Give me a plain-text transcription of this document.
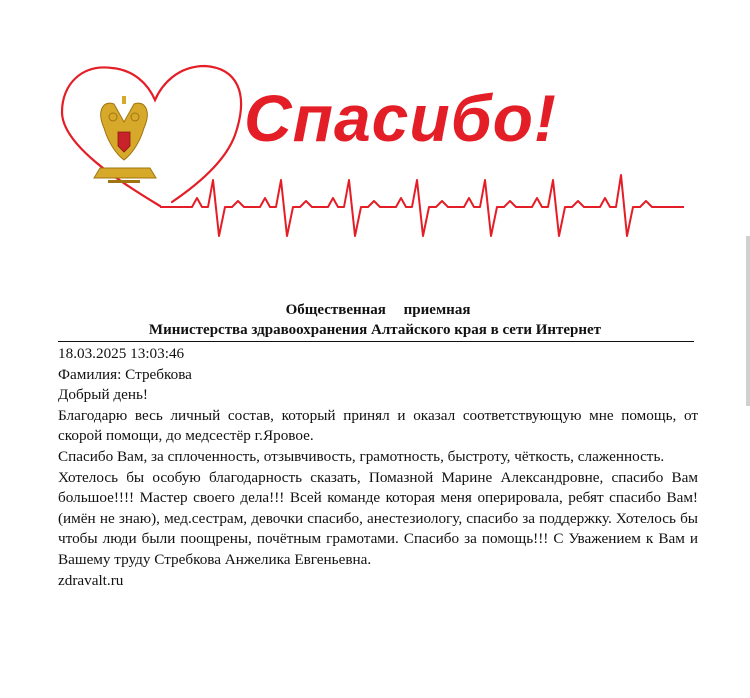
Спасибо!
Общественная приемная
Министерства здравоохранения Алтайского края в сети Интернет

18.03.2025 13:03:46

Фамилия: Стребкова

Добрый день!

Благодарю весь личный состав, который принял и оказал соответствующую мне помощь, от скорой помощи, до медсестёр г.Яровое.

Спасибо Вам, за сплоченность, отзывчивость, грамотность, быстроту, чёткость, слаженность.

Хотелось бы особую благодарность сказать, Помазной Марине Александровне, спасибо Вам большое!!!! Мастер своего дела!!! Всей команде которая меня оперировала, ребят спасибо Вам!(имён не знаю), мед.сестрам, девочки спасибо, анестезиологу, спасибо за поддержку. Хотелось бы чтобы люди были поощрены, почётным грамотами. Спасибо за помощь!!! С Уважением к Вам и Вашему труду Стребкова Анжелика Евгеньевна.

zdravalt.ru
